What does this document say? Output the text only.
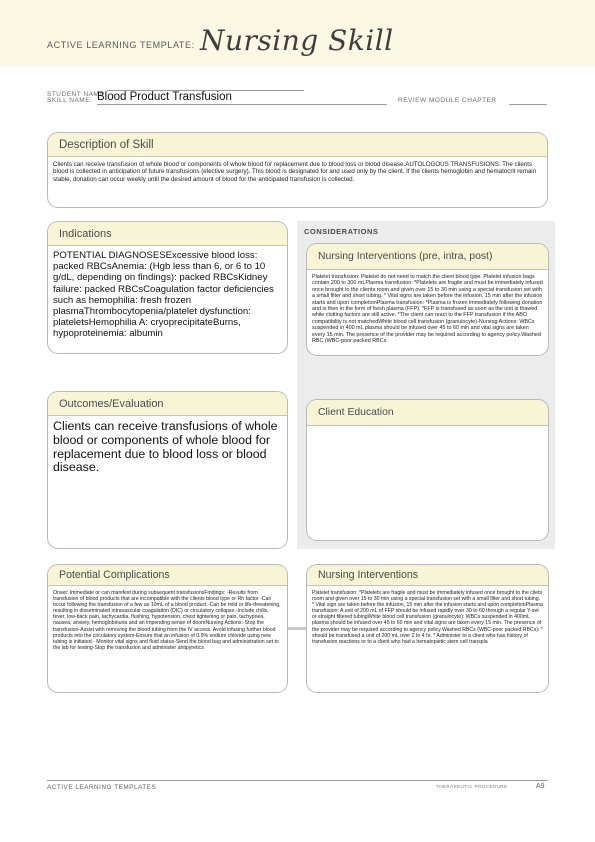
ACTIVE LEARNING TEMPLATE: Nursing Skill
STUDENT NAME
SKILL NAME Blood Product Transfusion	REVIEW MODULE CHAPTER
Description of Skill
Clients can receive transfusion of whole blood or components of whole blood for replacement due to blood loss or blood disease.AUTOLOGOUS TRANSFUSIONS: The clients blood is collected in anticipation of future transfusions (elective surgery). This blood is designated for and used only by the client. If the clients hemoglobin and hematocrit remain stable, donation can occur weekly until the desired amount of blood for the anticipated transfusion is collected.
CONSIDERATIONS
Indications
POTENTIAL DIAGNOSESExcessive blood loss: packed RBCsAnemia: (Hgb less than 6, or 6 to 10 g/dL, depending on findings): packed RBCsKidney failure: packed RBCsCoagulation factor deficiencies such as hemophilia: fresh frozen plasmaThrombocytopenia/platelet dysfunction: plateletsHemophilia A: cryoprecipitateBurns, hypoproteinemia: albumin
Outcomes/Evaluation
Clients can receive transfusions of whole blood or components of whole blood for replacement due to blood loss or blood disease.
Nursing Interventions (pre, intra, post)
Platelet transfusion: Platelet do not need to match the client blood type. Platelet infusion bags contain 200 to 300 mLPlasma transfusion: *Platelets are fragile and must be immediately infused once brought to the clients room and given over 15 to 30 min using a special transfusion set with a small filter and short tubing. * Vital signs are taken before the infusion, 15 min after the infusion starts and upon completionPlasma transfusion: *Plasma is frozen immediately following donation and is then in the form of fresh plasma (FFP). *FFP is transfused as soon as the unit is thawed while clotting factors are still active. *The client can react to the FFP transfusion if the ABO compatibility is not matchedWhite blood cell transfusion (granulocyte)-Nursing Actions: WBCs suspended in 400 mL plasma should be infused over 45 to 60 min and vital signs are taken every 15 min. The presence of the provider may be required according to agency policy.Washed RBC (WBC-poor packed RBCs
Client Education
Potential Complications
Onset: Immediate or can manifest during subsequent transfusionsFindings: -Results from transfusion of blood products that are incompatible with the clients blood type or Rh factor -Can occur following the transfusion of a few as 10mL of a blood product.-Can be mild or life-threatening, resulting in disseminated intravascular coagulation (DIC) or circulatory collapse.-Include chills, fever, low-back pain, tachycardia, flushing, hypotension, chest tightening or pain, tachypnea, nausea, anxiety, hemoglobinuria and an impending sense of doomNursing Actions:-Stop the transfusion-Assist with removing the blood tubing from the IV access. Avoid infusing further blood products into the circulatory system-Ensure that an infusion of 0.9% sodium chloride using new tubing is initiated.- Monitor vital signs and fluid status-Send the blood bag and administration set to the lab for testing-Stop the transfusion and administer antipyretics
Nursing Interventions
Platelet transfusion: *Platelets are fragile and must be immediately infused once brought to the cliets room and given over 15 to 30 min using a special transfusion set with a small filter and short tubing. * Vital sign are taken before the infusion, 15 min after the infusion starts and upon completionPlasma transfusion: A unit of 200 mL of FFP should be infused rapidly over 30 to 60 through a regular Y-set or straight filtered tubingWhite blood cell transfusion (granulocyte): WBCs suspended in 400mL plasma should be infused over 45 to 60 min and vital signs are taken every 15 min. The presence of the provider may be required according to agency policy.Washed RBCs (WBC-poor packed RBCs): * should be transfused a unit of 200 mL over 2 to 4 hr. * Administer to a client who has history of transfusion reactions or to a client who had a hematopietic stem cell transpla
ACTIVE LEARNING TEMPLATES	THERAPEUTIC PROCEDURE	A9
